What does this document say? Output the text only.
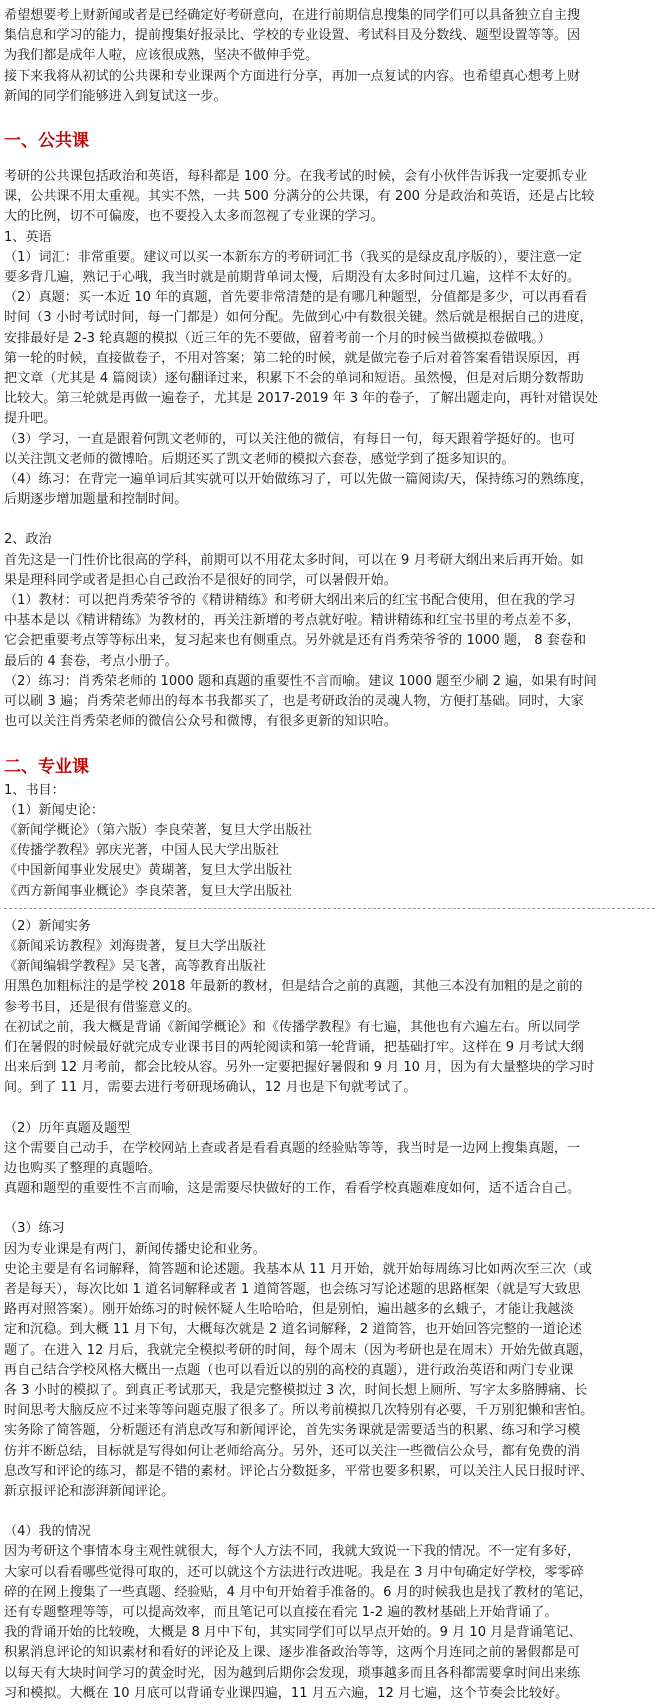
希望想要考上财新闻或者是已经确定好考研意向，在进行前期信息搜集的同学们可以具备独立自主搜

集信息和学习的能力，提前搜集好报录比、学校的专业设置、考试科目及分数线、题型设置等等。因

为我们都是成年人啦，应该很成熟，坚决不做伸手党。

接下来我将从初试的公共课和专业课两个方面进行分享，再加一点复试的内容。也希望真心想考上财

新闻的同学们能够进入到复试这一步。

一、公共课

考研的公共课包括政治和英语，每科都是 100 分。在我考试的时候，会有小伙伴告诉我一定要抓专业

课，公共课不用太重视。其实不然，一共 500 分满分的公共课，有 200 分是政治和英语，还是占比较

大的比例，切不可偏废，也不要投入太多而忽视了专业课的学习。

1、英语

（1）词汇：非常重要。建议可以买一本新东方的考研词汇书（我买的是绿皮乱序版的），要注意一定

要多背几遍，熟记于心哦，我当时就是前期背单词太慢，后期没有太多时间过几遍，这样不太好的。

（2）真题：买一本近 10 年的真题，首先要非常清楚的是有哪几种题型，分值都是多少，可以再看看

时间（3 小时考试时间，每一门都是）如何分配。先做到心中有数很关键。然后就是根据自己的进度，

安排最好是 2-3 轮真题的模拟（近三年的先不要做，留着考前一个月的时候当做模拟卷做哦。）

第一轮的时候，直接做卷子，不用对答案；第二轮的时候，就是做完卷子后对着答案看错误原因，再

把文章（尤其是 4 篇阅读）逐句翻译过来，积累下不会的单词和短语。虽然慢，但是对后期分数帮助

比较大。第三轮就是再做一遍卷子，尤其是 2017-2019 年 3 年的卷子，了解出题走向，再针对错误处

提升吧。

（3）学习，一直是跟着何凯文老师的，可以关注他的微信，有每日一句，每天跟着学挺好的。也可

以关注凯文老师的微博哈。后期还买了凯文老师的模拟六套卷，感觉学到了挺多知识的。

（4）练习：在背完一遍单词后其实就可以开始做练习了，可以先做一篇阅读/天，保持练习的熟练度，

后期逐步增加题量和控制时间。

2、政治

首先这是一门性价比很高的学科，前期可以不用花太多时间，可以在 9 月考研大纲出来后再开始。如

果是理科同学或者是担心自己政治不是很好的同学，可以暑假开始。

（1）教材：可以把肖秀荣爷爷的《精讲精练》和考研大纲出来后的红宝书配合使用，但在我的学习

中基本是以《精讲精练》为教材的，再关注新增的考点就好啦。精讲精练和红宝书里的考点差不多，

它会把重要考点等等标出来，复习起来也有侧重点。另外就是还有肖秀荣爷爷的 1000 题， 8 套卷和

最后的 4 套卷，考点小册子。

（2）练习：肖秀荣老师的 1000 题和真题的重要性不言而喻。建议 1000 题至少刷 2 遍，如果有时间

可以刷 3 遍；肖秀荣老师出的每本书我都买了，也是考研政治的灵魂人物，方便打基础。同时，大家

也可以关注肖秀荣老师的微信公众号和微博，有很多更新的知识哈。

二、专业课

1、书目：

（1）新闻史论：

《新闻学概论》（第六版）李良荣著，复旦大学出版社

《传播学教程》郭庆光著，中国人民大学出版社

《中国新闻事业发展史》黄瑚著，复旦大学出版社

《西方新闻事业概论》李良荣著，复旦大学出版社

（2）新闻实务

《新闻采访教程》刘海贵著，复旦大学出版社

《新闻编辑学教程》吴飞著，高等教育出版社

用黑色加粗标注的是学校 2018 年最新的教材，但是结合之前的真题，其他三本没有加粗的是之前的

参考书目，还是很有借鉴意义的。

在初试之前，我大概是背诵《新闻学概论》和《传播学教程》有七遍，其他也有六遍左右。所以同学

们在暑假的时候最好就完成专业课书目的两轮阅读和第一轮背诵，把基础打牢。这样在 9 月考试大纲

出来后到 12 月考前，都会比较从容。另外一定要把握好暑假和 9 月 10 月，因为有大量整块的学习时

间。到了 11 月，需要去进行考研现场确认，12 月也是下旬就考试了。

（2）历年真题及题型

这个需要自己动手，在学校网站上查或者是看看真题的经验贴等等，我当时是一边网上搜集真题，一

边也购买了整理的真题哈。

真题和题型的重要性不言而喻，这是需要尽快做好的工作，看看学校真题难度如何，适不适合自己。

（3）练习

因为专业课是有两门，新闻传播史论和业务。

史论主要是有名词解释，简答题和论述题。我基本从 11 月开始，就开始每周练习比如两次至三次（或

者是每天），每次比如 1 道名词解释或者 1 道简答题，也会练习写论述题的思路框架（就是写大致思

路再对照答案）。刚开始练习的时候怀疑人生哈哈哈，但是别怕，遍出越多的幺蛾子，才能让我越淡

定和沉稳。到大概 11 月下旬，大概每次就是 2 道名词解释，2 道简答，也开始回答完整的一道论述

题了。在进入 12 月后，我就完全模拟考研的时间，每个周末（因为考研也是在周末）开始先做真题，

再自己结合学校风格大概出一点题（也可以看近以的别的高校的真题），进行政治英语和两门专业课

各 3 小时的模拟了。到真正考试那天，我是完整模拟过 3 次，时间长想上厕所、写字太多胳膊痛、长

时间思考大脑反应不过来等等问题克服了很多了。所以考前模拟几次特别有必要，千万别犯懒和害怕。

实务除了简答题，分析题还有消息改写和新闻评论，首先实务课就是需要适当的积累、练习和学习模

仿并不断总结，目标就是写得如何让老师给高分。另外，还可以关注一些微信公众号，都有免费的消

息改写和评论的练习，都是不错的素材。评论占分数挺多，平常也要多积累，可以关注人民日报时评、

新京报评论和澎湃新闻评论。

（4）我的情况

因为考研这个事情本身主观性就很大，每个人方法不同，我就大致说一下我的情况。不一定有多好，

大家可以看看哪些觉得可取的，还可以就这个方法进行改进呢。我是在 3 月中旬确定好学校，零零碎

碎的在网上搜集了一些真题、经验贴，4 月中旬开始着手准备的。6 月的时候我也是找了教材的笔记，

还有专题整理等等，可以提高效率，而且笔记可以直接在看完 1-2 遍的教材基础上开始背诵了。

我的背诵开始的比较晚，大概是 8 月中下旬，其实同学们可以早点开始的。9 月 10 月是背诵笔记、

积累消息评论的知识素材和看好的评论及上课、逐步准备政治等等，这两个月连同之前的暑假都是可

以每天有大块时间学习的黄金时光，因为越到后期你会发现，琐事越多而且各科都需要拿时间出来练

习和模拟。大概在 10 月底可以背诵专业课四遍，11 月五六遍，12 月七遍，这个节奏会比较好。
